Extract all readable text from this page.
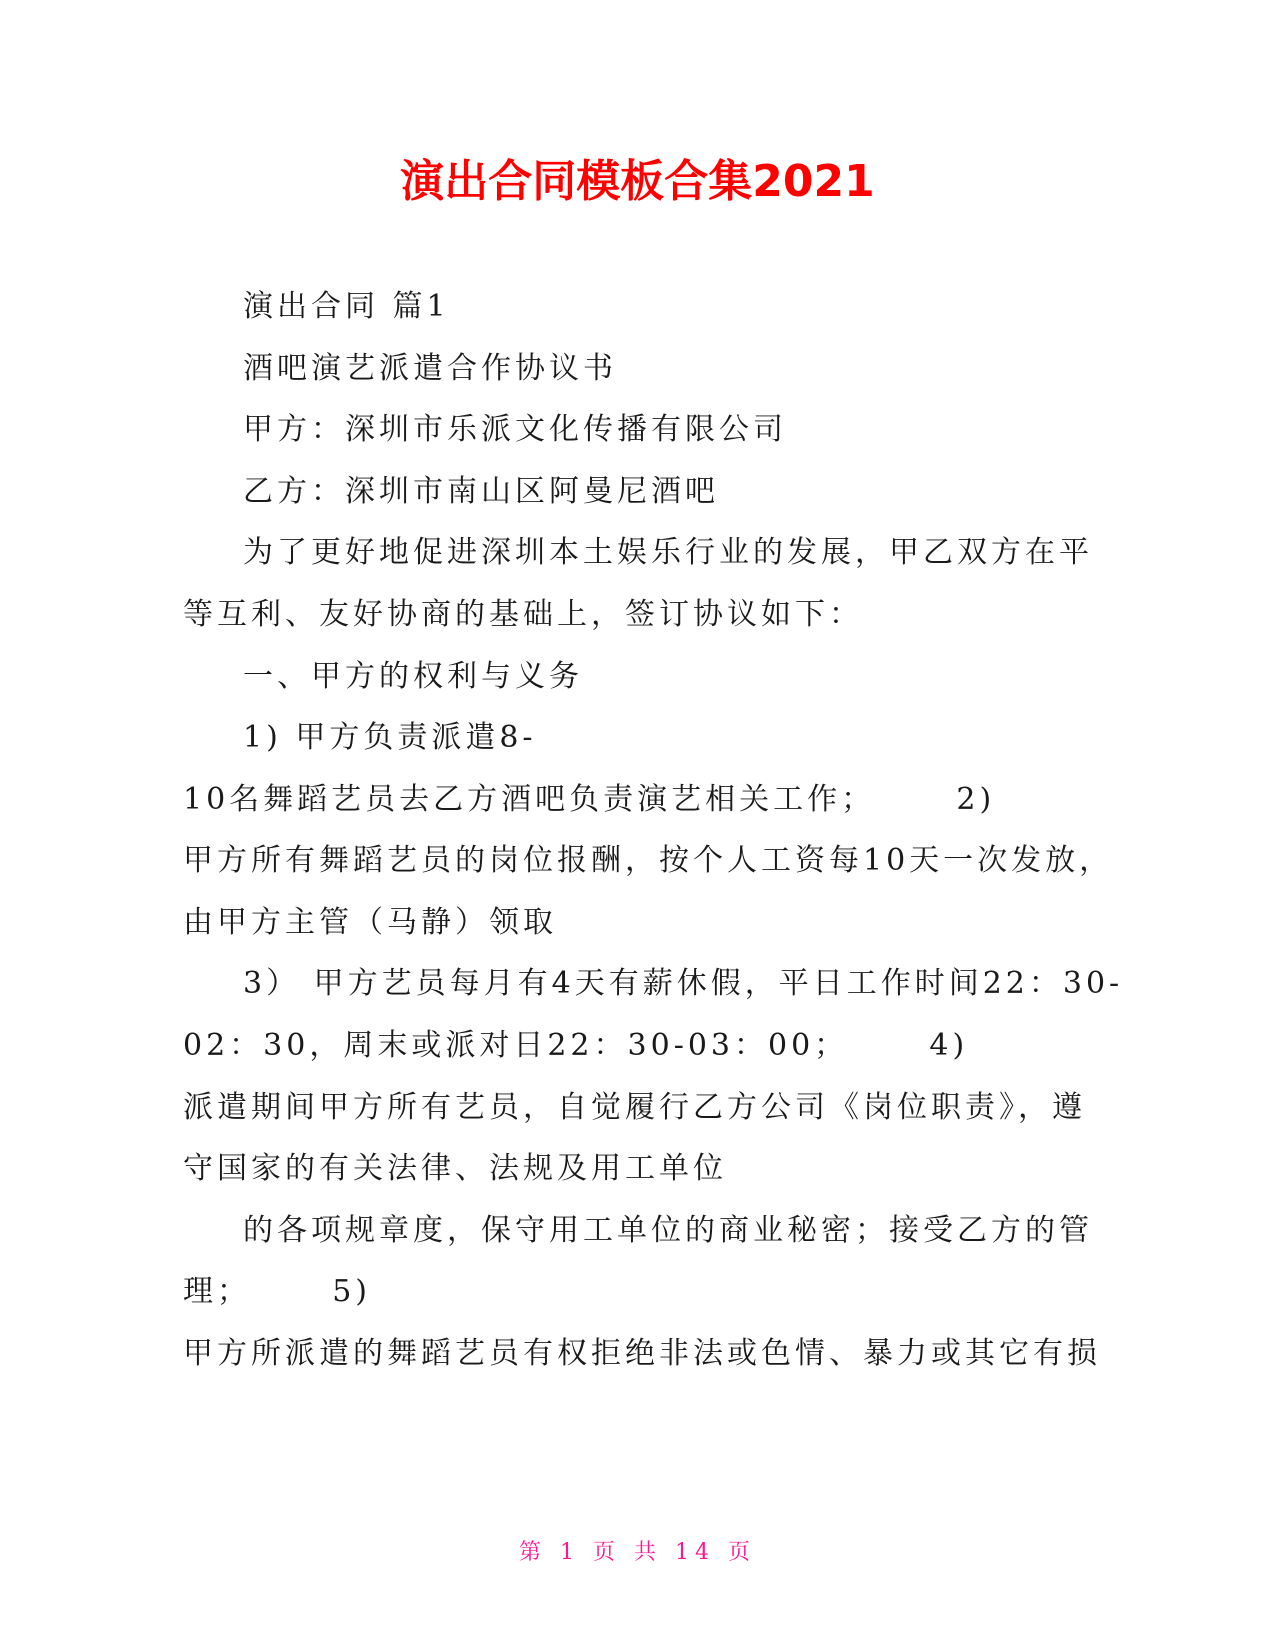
演出合同模板合集2021
演出合同 篇1
酒吧演艺派遣合作协议书
甲方：深圳市乐派文化传播有限公司
乙方：深圳市南山区阿曼尼酒吧
为了更好地促进深圳本土娱乐行业的发展，甲乙双方在平
等互利、友好协商的基础上，签订协议如下：
一、甲方的权利与义务
1) 甲方负责派遣8-
10名舞蹈艺员去乙方酒吧负责演艺相关工作；      2)
甲方所有舞蹈艺员的岗位报酬，按个人工资每10天一次发放，
由甲方主管（马静）领取
3） 甲方艺员每月有4天有薪休假，平日工作时间22：30-
02：30，周末或派对日22：30-03：00；      4)
派遣期间甲方所有艺员，自觉履行乙方公司《岗位职责》，遵
守国家的有关法律、法规及用工单位
的各项规章度，保守用工单位的商业秘密；接受乙方的管
理；      5)
甲方所派遣的舞蹈艺员有权拒绝非法或色情、暴力或其它有损
第 1 页 共 14 页
